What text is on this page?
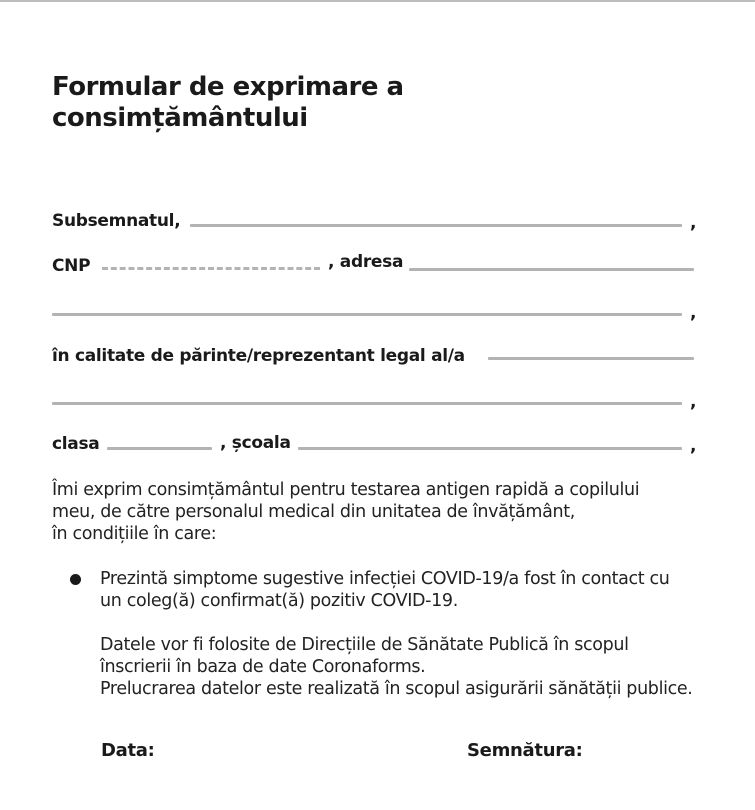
Formular de exprimare a
consimțământului
Subsemnatul,	,
CNP	, adresa
,
în calitate de părinte/reprezentant legal al/a
,
clasa	, școala	,
Îmi exprim consimțământul pentru testarea antigen rapidă a copilului
meu, de către personalul medical din unitatea de învățământ,
în condițiile în care:
Prezintă simptome sugestive infecției COVID-19/a fost în contact cu
un coleg(ă) confirmat(ă) pozitiv COVID-19.
Datele vor fi folosite de Direcțiile de Sănătate Publică în scopul
înscrierii în baza de date Coronaforms.
Prelucrarea datelor este realizată în scopul asigurării sănătății publice.
Data:	Semnătura:
